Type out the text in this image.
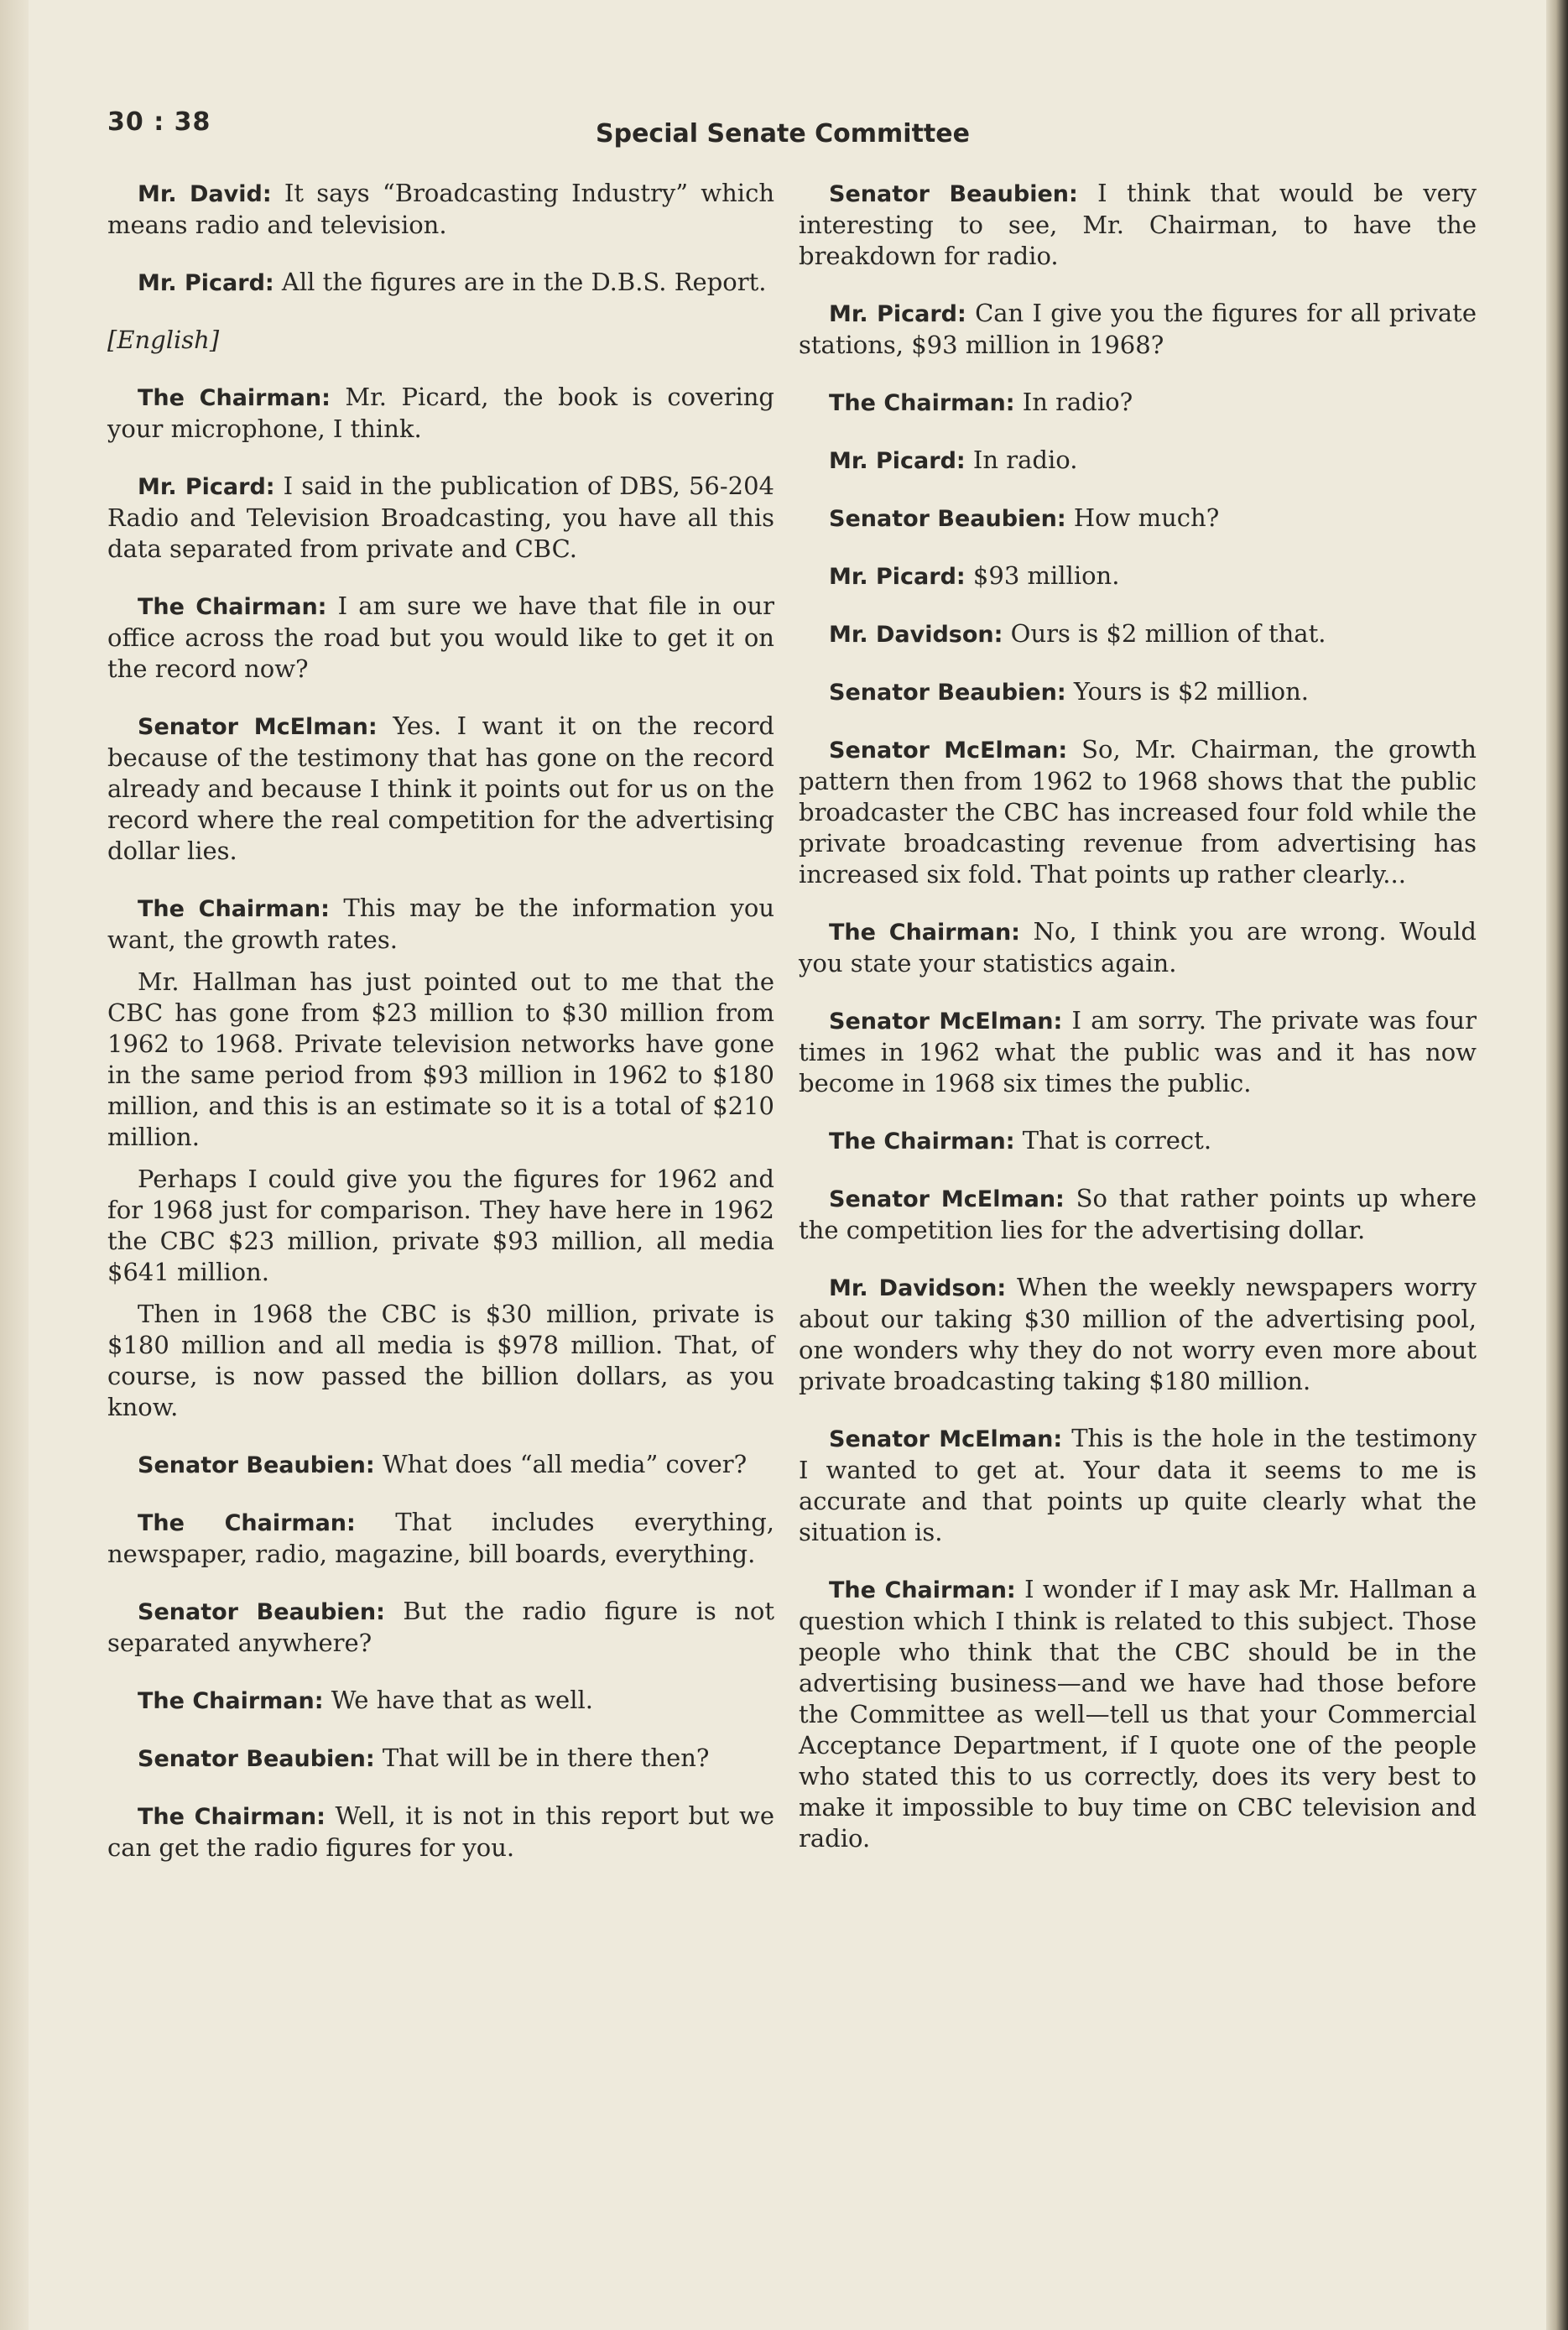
30 : 38	Special Senate Committee

Mr. David: It says “Broadcasting Industry” which means radio and television.

Mr. Picard: All the figures are in the D.B.S. Report.

[English]

The Chairman: Mr. Picard, the book is covering your microphone, I think.

Mr. Picard: I said in the publication of DBS, 56-204 Radio and Television Broadcasting, you have all this data separated from private and CBC.

The Chairman: I am sure we have that file in our office across the road but you would like to get it on the record now?

Senator McElman: Yes. I want it on the record because of the testimony that has gone on the record already and because I think it points out for us on the record where the real competition for the advertising dollar lies.

The Chairman: This may be the information you want, the growth rates.

Mr. Hallman has just pointed out to me that the CBC has gone from $23 million to $30 million from 1962 to 1968. Private television networks have gone in the same period from $93 million in 1962 to $180 million, and this is an estimate so it is a total of $210 million.

Perhaps I could give you the figures for 1962 and for 1968 just for comparison. They have here in 1962 the CBC $23 million, private $93 million, all media $641 million.

Then in 1968 the CBC is $30 million, private is $180 million and all media is $978 million. That, of course, is now passed the billion dollars, as you know.

Senator Beaubien: What does “all media” cover?

The Chairman: That includes everything, newspaper, radio, magazine, bill boards, everything.

Senator Beaubien: But the radio figure is not separated anywhere?

The Chairman: We have that as well.

Senator Beaubien: That will be in there then?

The Chairman: Well, it is not in this report but we can get the radio figures for you.

Senator Beaubien: I think that would be very interesting to see, Mr. Chairman, to have the breakdown for radio.

Mr. Picard: Can I give you the figures for all private stations, $93 million in 1968?

The Chairman: In radio?

Mr. Picard: In radio.

Senator Beaubien: How much?

Mr. Picard: $93 million.

Mr. Davidson: Ours is $2 million of that.

Senator Beaubien: Yours is $2 million.

Senator McElman: So, Mr. Chairman, the growth pattern then from 1962 to 1968 shows that the public broadcaster the CBC has increased four fold while the private broadcasting revenue from advertising has increased six fold. That points up rather clearly...

The Chairman: No, I think you are wrong. Would you state your statistics again.

Senator McElman: I am sorry. The private was four times in 1962 what the public was and it has now become in 1968 six times the public.

The Chairman: That is correct.

Senator McElman: So that rather points up where the competition lies for the advertising dollar.

Mr. Davidson: When the weekly newspapers worry about our taking $30 million of the advertising pool, one wonders why they do not worry even more about private broadcasting taking $180 million.

Senator McElman: This is the hole in the testimony I wanted to get at. Your data it seems to me is accurate and that points up quite clearly what the situation is.

The Chairman: I wonder if I may ask Mr. Hallman a question which I think is related to this subject. Those people who think that the CBC should be in the advertising business—and we have had those before the Committee as well—tell us that your Commercial Acceptance Department, if I quote one of the people who stated this to us correctly, does its very best to make it impossible to buy time on CBC television and radio.
